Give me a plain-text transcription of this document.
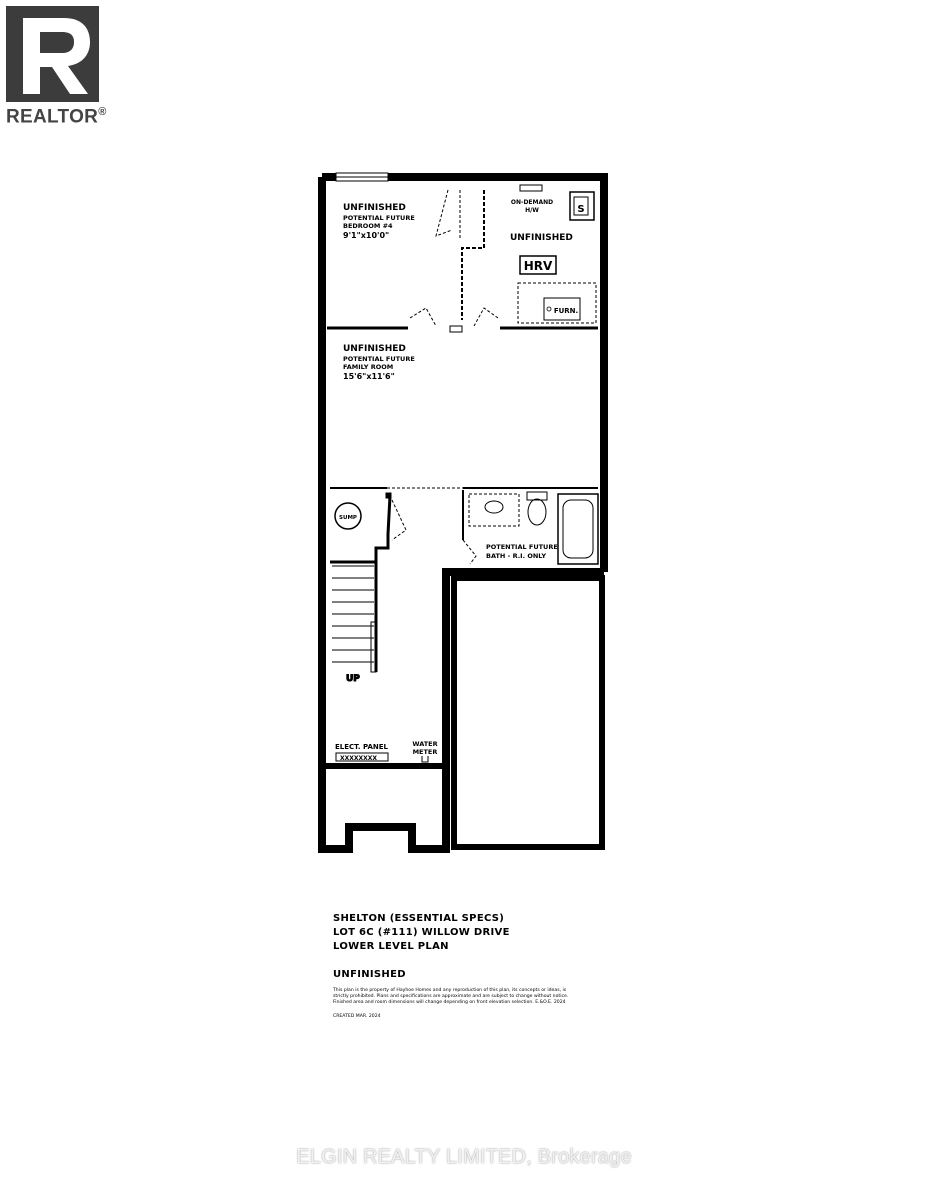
REALTOR®
ON-DEMAND
H/W	S
HRV
FURN.
UNFINISHED
POTENTIAL FUTURE
BEDROOM #4
9'1"x10'0"	UNFINISHED
UNFINISHED
POTENTIAL FUTURE
FAMILY ROOM
15'6"x11'6"
POTENTIAL FUTURE
BATH - R.I. ONLY
SUMP
UP
ELECT. PANEL
XXXXXXXX
WATER
METER
SHELTON (ESSENTIAL SPECS)
LOT 6C (#111) WILLOW DRIVE
LOWER LEVEL PLAN
UNFINISHED
This plan is the property of Hayhoe Homes and any reproduction of this plan, its concepts or ideas, is strictly prohibited. Plans and specifications are approximate and are subject to change without notice. Finished area and room dimensions will change depending on front elevation selection. E.&O.E. 2024
CREATED MAR. 2024
ELGIN REALTY LIMITED, Brokerage
